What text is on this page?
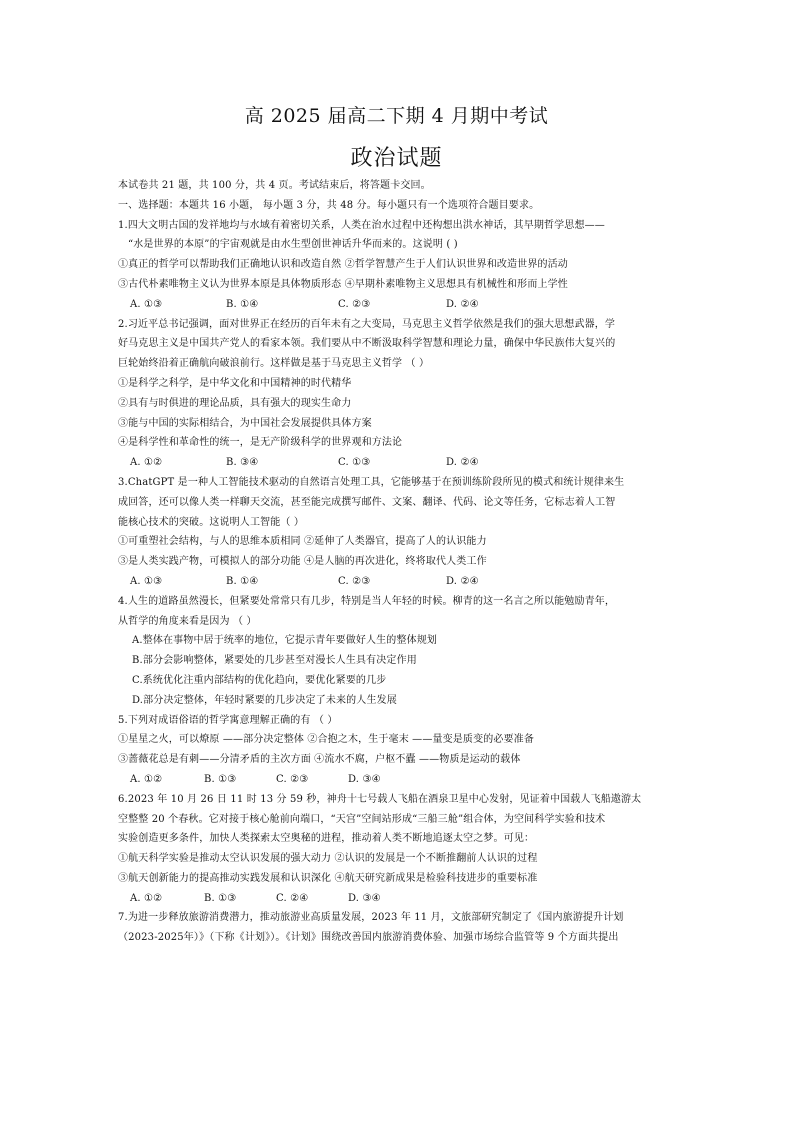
高 2025 届高二下期 4 月期中考试
政治试题
本试卷共 21 题，共 100 分，共 4 页。考试结束后，将答题卡交回。
一、选择题：本题共 16 小题， 每小题 3 分，共 48 分。每小题只有一个选项符合题目要求。
1.四大文明古国的发祥地均与水域有着密切关系，人类在治水过程中还构想出洪水神话，其早期哲学思想——
“水是世界的本原”的宇宙观就是由水生型创世神话升华而来的。这说明 ( )
①真正的哲学可以帮助我们正确地认识和改造自然 ②哲学智慧产生于人们认识世界和改造世界的活动
③古代朴素唯物主义认为世界本原是具体物质形态 ④早期朴素唯物主义思想具有机械性和形而上学性
A. ①③	B. ①④	C. ②③	D. ②④
2.习近平总书记强调，面对世界正在经历的百年未有之大变局，马克思主义哲学依然是我们的强大思想武器，学
好马克思主义是中国共产党人的看家本领。我们要从中不断汲取科学智慧和理论力量，确保中华民族伟大复兴的
巨轮始终沿着正确航向破浪前行。这样做是基于马克思主义哲学 （ ）
①是科学之科学，是中华文化和中国精神的时代精华
②具有与时俱进的理论品质，具有强大的现实生命力
③能与中国的实际相结合，为中国社会发展提供具体方案
④是科学性和革命性的统一，是无产阶级科学的世界观和方法论
A. ①②	B. ③④	C. ①③	D. ②④
3.ChatGPT 是一种人工智能技术驱动的自然语言处理工具，它能够基于在预训练阶段所见的模式和统计规律来生
成回答，还可以像人类一样聊天交流，甚至能完成撰写邮件、文案、翻译、代码、论文等任务，它标志着人工智
能核心技术的突破。这说明人工智能（ ）
①可重塑社会结构，与人的思维本质相同 ②延伸了人类器官，提高了人的认识能力
③是人类实践产物，可模拟人的部分功能 ④是人脑的再次进化，终将取代人类工作
A. ①③	B. ①④	C. ②③	D. ②④
4.人生的道路虽然漫长，但紧要处常常只有几步，特别是当人年轻的时候。柳青的这一名言之所以能勉励青年，
从哲学的角度来看是因为 （ ）
A.整体在事物中居于统率的地位，它提示青年要做好人生的整体规划
B.部分会影响整体，紧要处的几步甚至对漫长人生具有决定作用
C.系统优化注重内部结构的优化趋向，要优化紧要的几步
D.部分决定整体，年轻时紧要的几步决定了未来的人生发展
5.下列对成语俗语的哲学寓意理解正确的有 （ ）
①星星之火，可以燎原 ——部分决定整体 ②合抱之木，生于毫末 ——量变是质变的必要准备
③蔷薇花总是有刺——分清矛盾的主次方面 ④流水不腐，户枢不蠹 ——物质是运动的载体
A. ①②	B. ①③	C. ②③	D. ③④
6.2023 年 10 月 26 日 11 时 13 分 59 秒，神舟十七号载人飞船在酒泉卫星中心发射，见证着中国载人飞船遨游太
空整整 20 个春秋。它对接于核心舱前向端口，“天宫”空间站形成“三船三舱”组合体，为空间科学实验和技术
实验创造更多条件，加快人类探索太空奥秘的进程，推动着人类不断地追逐太空之梦。可见：
①航天科学实验是推动太空认识发展的强大动力 ②认识的发展是一个不断推翻前人认识的过程
③航天创新能力的提高推动实践发展和认识深化 ④航天研究新成果是检验科技进步的重要标准
A. ①②	B. ①③	C. ②④	D. ③④
7.为进一步释放旅游消费潜力，推动旅游业高质量发展，2023 年 11 月，文旅部研究制定了《国内旅游提升计划
（2023-2025年）》（下称《计划》）。《计划》围绕改善国内旅游消费体验、加强市场综合监管等 9 个方面共提出
